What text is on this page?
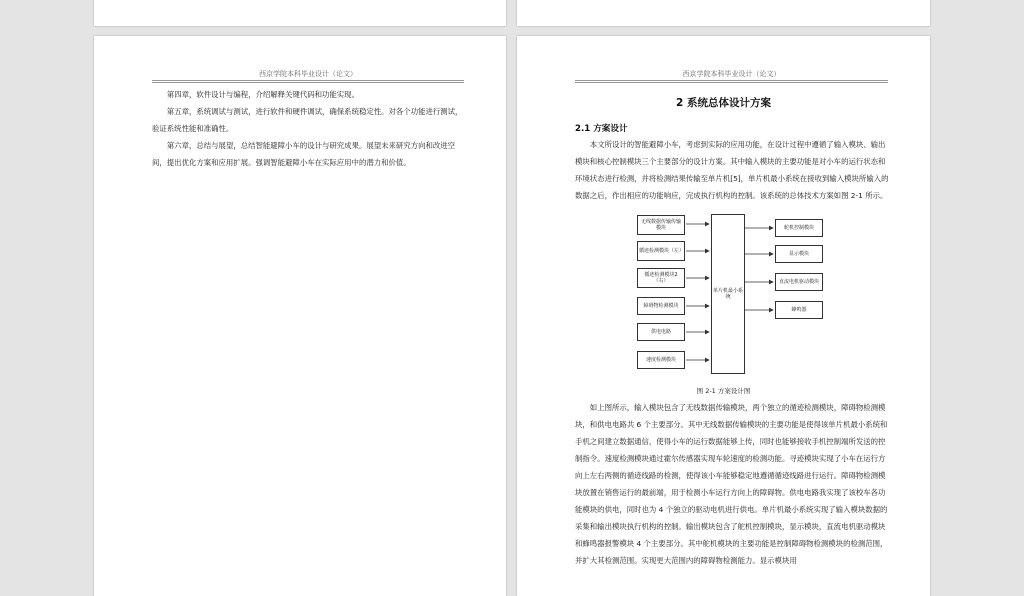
西京学院本科毕业设计（论文）

第四章，软件设计与编程，介绍解释关键代码和功能实现。

第五章，系统调试与测试，进行软件和硬件调试，确保系统稳定性。对各个功能进行测试，验证系统性能和准确性。

第六章，总结与展望，总结智能避障小车的设计与研究成果。展望未来研究方向和改进空间，提出优化方案和应用扩展。强调智能避障小车在实际应用中的潜力和价值。

西京学院本科毕业设计（论文）
2 系统总体设计方案
2.1 方案设计

本文所设计的智能避障小车，考虑到实际的应用功能，在设计过程中遵循了输入模块、输出模块和核心控制模块三个主要部分的设计方案。其中输入模块的主要功能是对小车的运行状态和环境状态进行检测，并将检测结果传输至单片机[5]，单片机最小系统在接收到输入模块所输入的数据之后，作出相应的功能响应，完成执行机构的控制。该系统的总体技术方案如图 2-1 所示。

无线数据传输传输模块
循迹检测模块（左）
循迹检测模块2（右）
障碍物检测模块
供电电路
速度检测模块
单片机最小系统
舵机控制模块
显示模块
直流电机驱动模块
蜂鸣器
图 2-1 方案设计图

如上图所示，输入模块包含了无线数据传输模块，两个独立的循迹检测模块，障碍物检测模块，和供电电路共 6 个主要部分。其中无线数据传输模块的主要功能是使得该单片机最小系统和手机之间建立数据通信，使得小车的运行数据能够上传，同时也能够接收手机控制端所发送的控制指令。速度检测模块通过霍尔传感器实现车轮速度的检测功能。寻迹模块实现了小车在运行方向上左右两侧的循迹线路的检测，使得该小车能够稳定地遵循循迹线路进行运行。障碍物检测模块放置在销售运行的最前端，用于检测小车运行方向上的障碍物。供电电路我实现了该校车各功能模块的供电，同时也为 4 个独立的驱动电机进行供电。单片机最小系统实现了输入模块数据的采集和输出模块执行机构的控制。输出模块包含了舵机控制模块，显示模块，直流电机驱动模块和蜂鸣器报警模块 4 个主要部分。其中舵机模块的主要功能是控制障碍物检测模块的检测范围，并扩大其检测范围。实现更大范围内的障碍物检测能力。显示模块用
